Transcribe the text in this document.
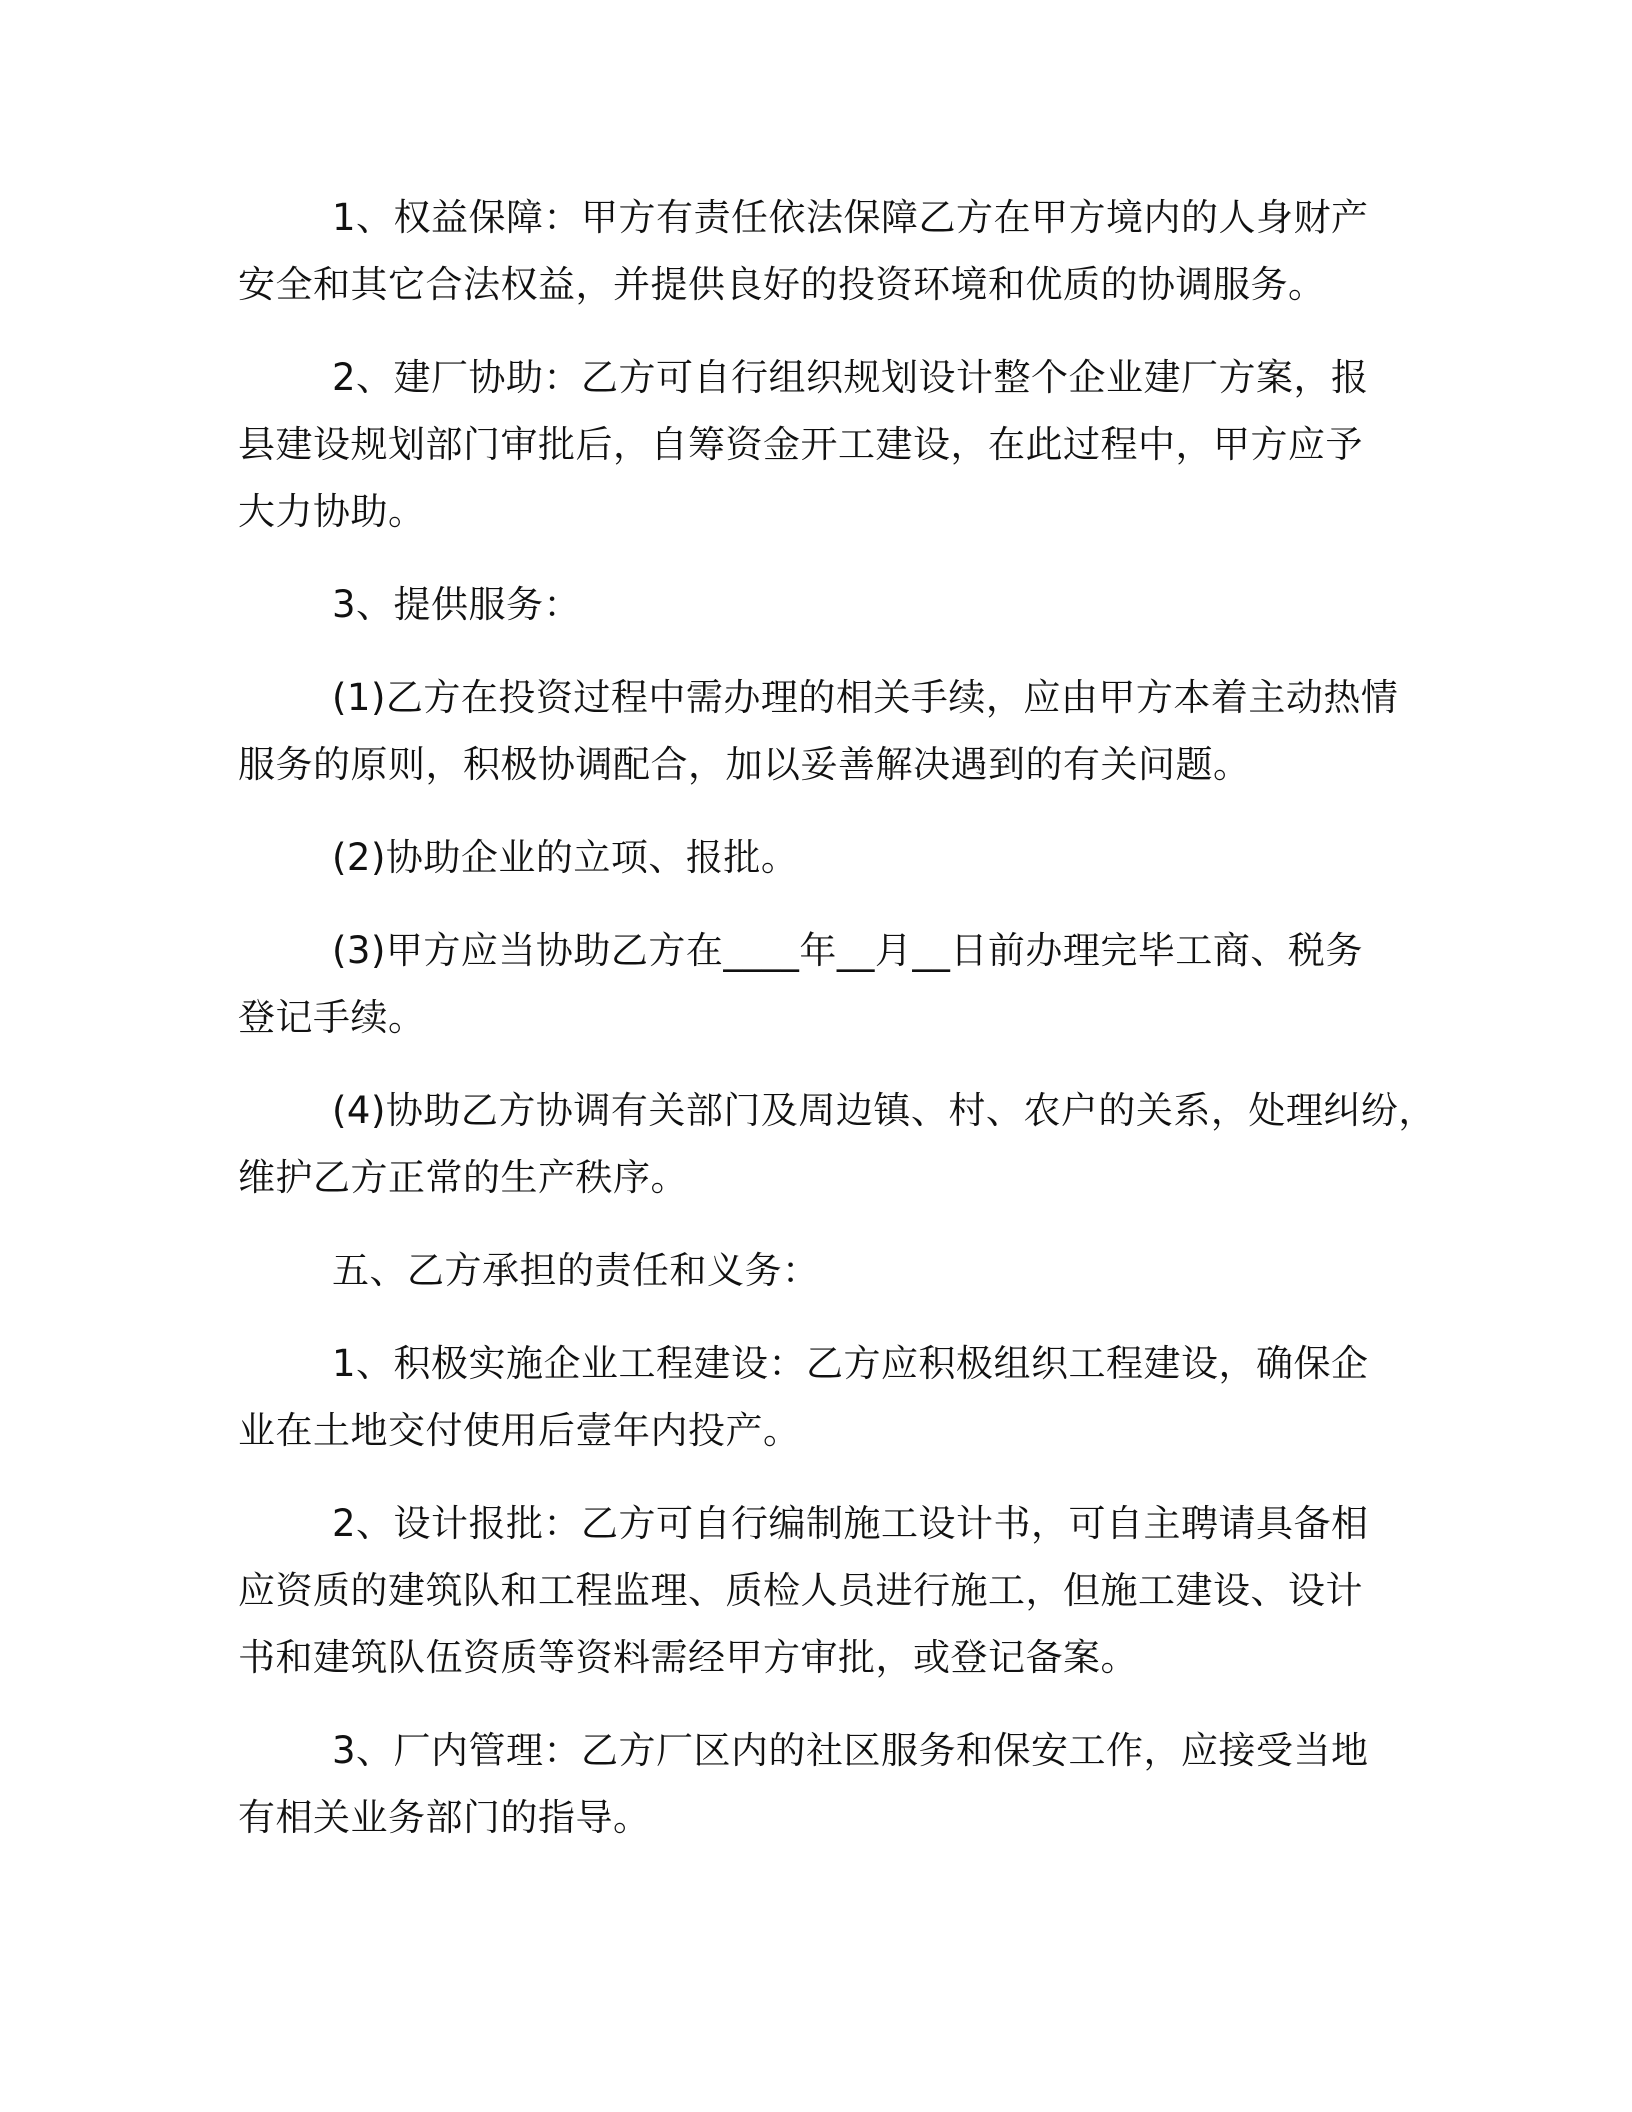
1、权益保障：甲方有责任依法保障乙方在甲方境内的人身财产
安全和其它合法权益，并提供良好的投资环境和优质的协调服务。
2、建厂协助：乙方可自行组织规划设计整个企业建厂方案，报
县建设规划部门审批后，自筹资金开工建设，在此过程中，甲方应予
大力协助。
3、提供服务：
(1)乙方在投资过程中需办理的相关手续，应由甲方本着主动热情
服务的原则，积极协调配合，加以妥善解决遇到的有关问题。
(2)协助企业的立项、报批。
(3)甲方应当协助乙方在____年__月__日前办理完毕工商、税务
登记手续。
(4)协助乙方协调有关部门及周边镇、村、农户的关系，处理纠纷，
维护乙方正常的生产秩序。
五、乙方承担的责任和义务：
1、积极实施企业工程建设：乙方应积极组织工程建设，确保企
业在土地交付使用后壹年内投产。
2、设计报批：乙方可自行编制施工设计书，可自主聘请具备相
应资质的建筑队和工程监理、质检人员进行施工，但施工建设、设计
书和建筑队伍资质等资料需经甲方审批，或登记备案。
3、厂内管理：乙方厂区内的社区服务和保安工作，应接受当地
有相关业务部门的指导。
